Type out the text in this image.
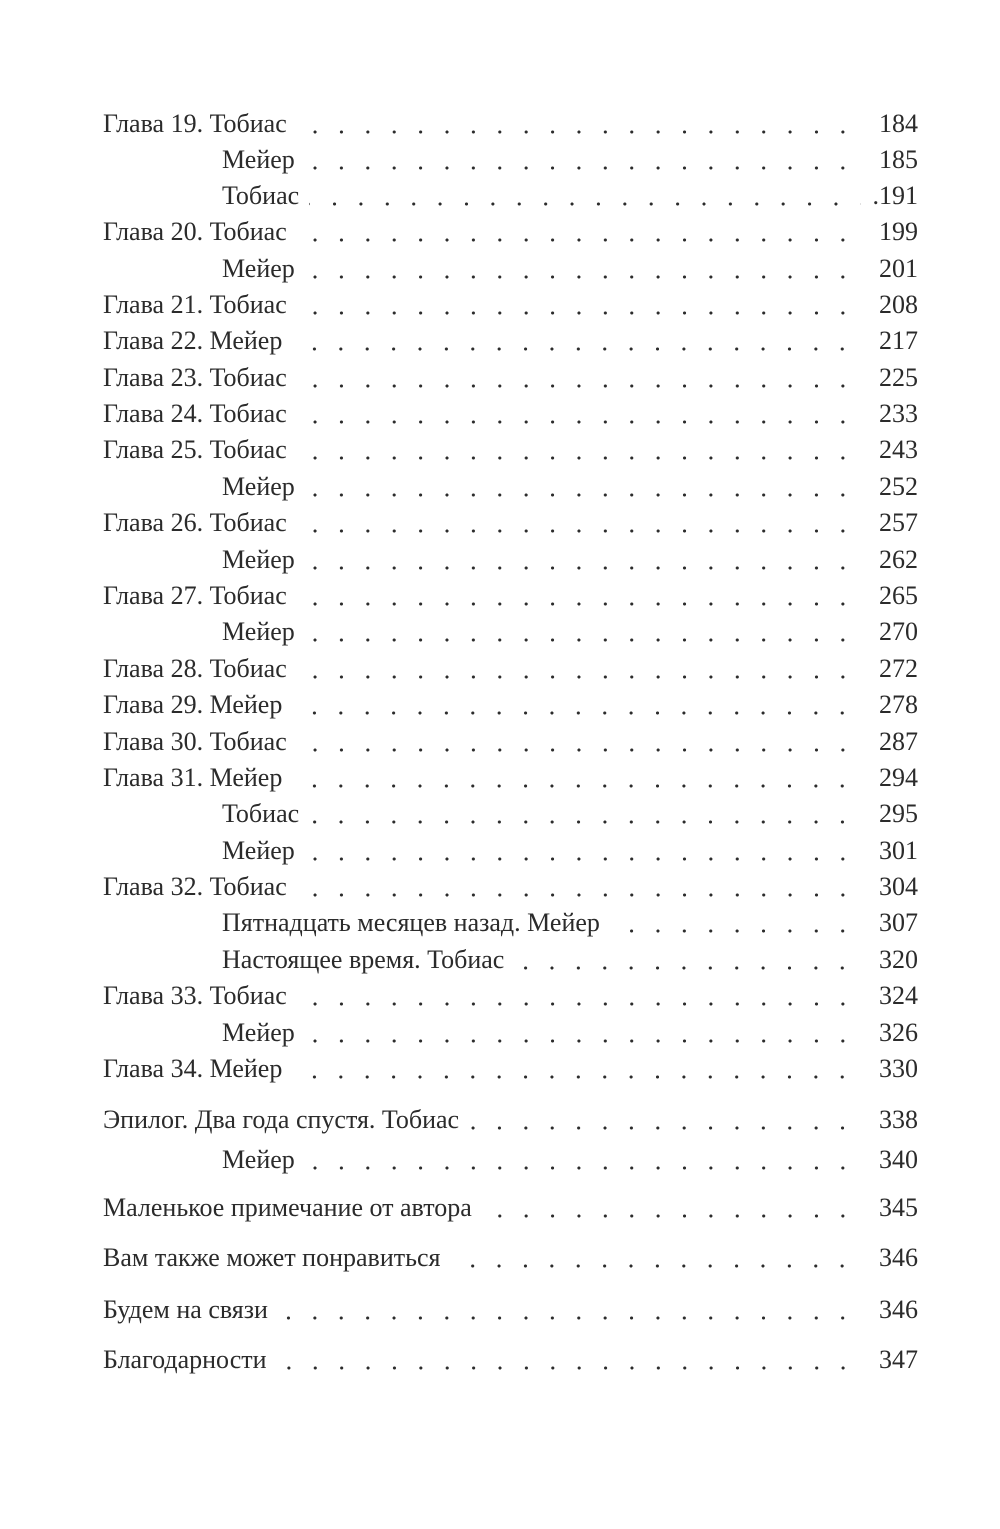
Глава 19. Тобиас	184
Мейер	185
Тобиас	.191
Глава 20. Тобиас	199
Мейер	201
Глава 21. Тобиас	208
Глава 22. Мейер	217
Глава 23. Тобиас	225
Глава 24. Тобиас	233
Глава 25. Тобиас	243
Мейер	252
Глава 26. Тобиас	257
Мейер	262
Глава 27. Тобиас	265
Мейер	270
Глава 28. Тобиас	272
Глава 29. Мейер	278
Глава 30. Тобиас	287
Глава 31. Мейер	294
Тобиас	295
Мейер	301
Глава 32. Тобиас	304
Пятнадцать месяцев назад. Мейер	307
Настоящее время. Тобиас	320
Глава 33. Тобиас	324
Мейер	326
Глава 34. Мейер	330
Эпилог. Два года спустя. Тобиас	338
Мейер	340
Маленькое примечание от автора	345
Вам также может понравиться	346
Будем на связи	346
Благодарности	347
